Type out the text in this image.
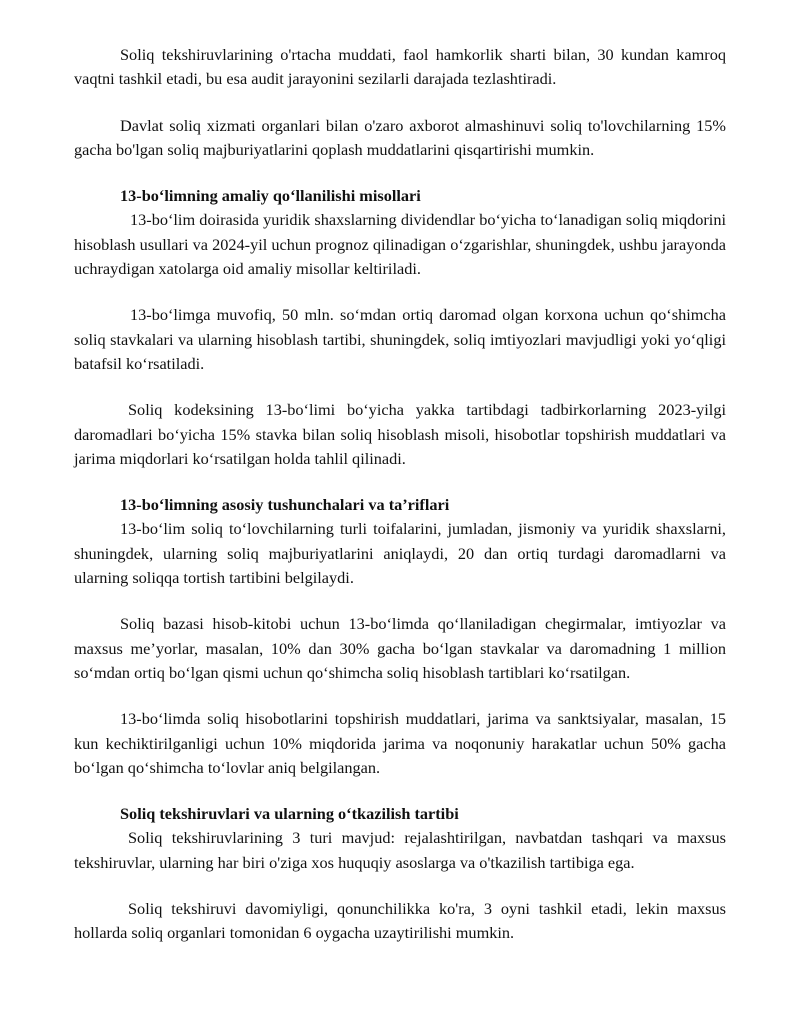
Soliq tekshiruvlarining o'rtacha muddati, faol hamkorlik sharti bilan, 30 kundan kamroq vaqtni tashkil etadi, bu esa audit jarayonini sezilarli darajada tezlashtiradi.

Davlat soliq xizmati organlari bilan o'zaro axborot almashinuvi soliq to'lovchilarning 15% gacha bo'lgan soliq majburiyatlarini qoplash muddatlarini qisqartirishi mumkin.

13-boʻlimning amaliy qoʻllanilishi misollari

13-boʻlim doirasida yuridik shaxslarning dividendlar boʻyicha toʻlanadigan soliq miqdorini hisoblash usullari va 2024-yil uchun prognoz qilinadigan oʻzgarishlar, shuningdek, ushbu jarayonda uchraydigan xatolarga oid amaliy misollar keltiriladi.

13-boʻlimga muvofiq, 50 mln. soʻmdan ortiq daromad olgan korxona uchun qoʻshimcha soliq stavkalari va ularning hisoblash tartibi, shuningdek, soliq imtiyozlari mavjudligi yoki yoʻqligi batafsil koʻrsatiladi.

Soliq kodeksining 13-boʻlimi boʻyicha yakka tartibdagi tadbirkorlarning 2023-yilgi daromadlari boʻyicha 15% stavka bilan soliq hisoblash misoli, hisobotlar topshirish muddatlari va jarima miqdorlari koʻrsatilgan holda tahlil qilinadi.

13-boʻlimning asosiy tushunchalari va taʼriflari

13-boʻlim soliq toʻlovchilarning turli toifalarini, jumladan, jismoniy va yuridik shaxslarni, shuningdek, ularning soliq majburiyatlarini aniqlaydi, 20 dan ortiq turdagi daromadlarni va ularning soliqqa tortish tartibini belgilaydi.

Soliq bazasi hisob-kitobi uchun 13-boʻlimda qoʻllaniladigan chegirmalar, imtiyozlar va maxsus meʼyorlar, masalan, 10% dan 30% gacha boʻlgan stavkalar va daromadning 1 million soʻmdan ortiq boʻlgan qismi uchun qoʻshimcha soliq hisoblash tartiblari koʻrsatilgan.

13-boʻlimda soliq hisobotlarini topshirish muddatlari, jarima va sanktsiyalar, masalan, 15 kun kechiktirilganligi uchun 10% miqdorida jarima va noqonuniy harakatlar uchun 50% gacha boʻlgan qoʻshimcha toʻlovlar aniq belgilangan.

Soliq tekshiruvlari va ularning oʻtkazilish tartibi

Soliq tekshiruvlarining 3 turi mavjud: rejalashtirilgan, navbatdan tashqari va maxsus tekshiruvlar, ularning har biri o'ziga xos huquqiy asoslarga va o'tkazilish tartibiga ega.

Soliq tekshiruvi davomiyligi, qonunchilikka ko'ra, 3 oyni tashkil etadi, lekin maxsus hollarda soliq organlari tomonidan 6 oygacha uzaytirilishi mumkin.
